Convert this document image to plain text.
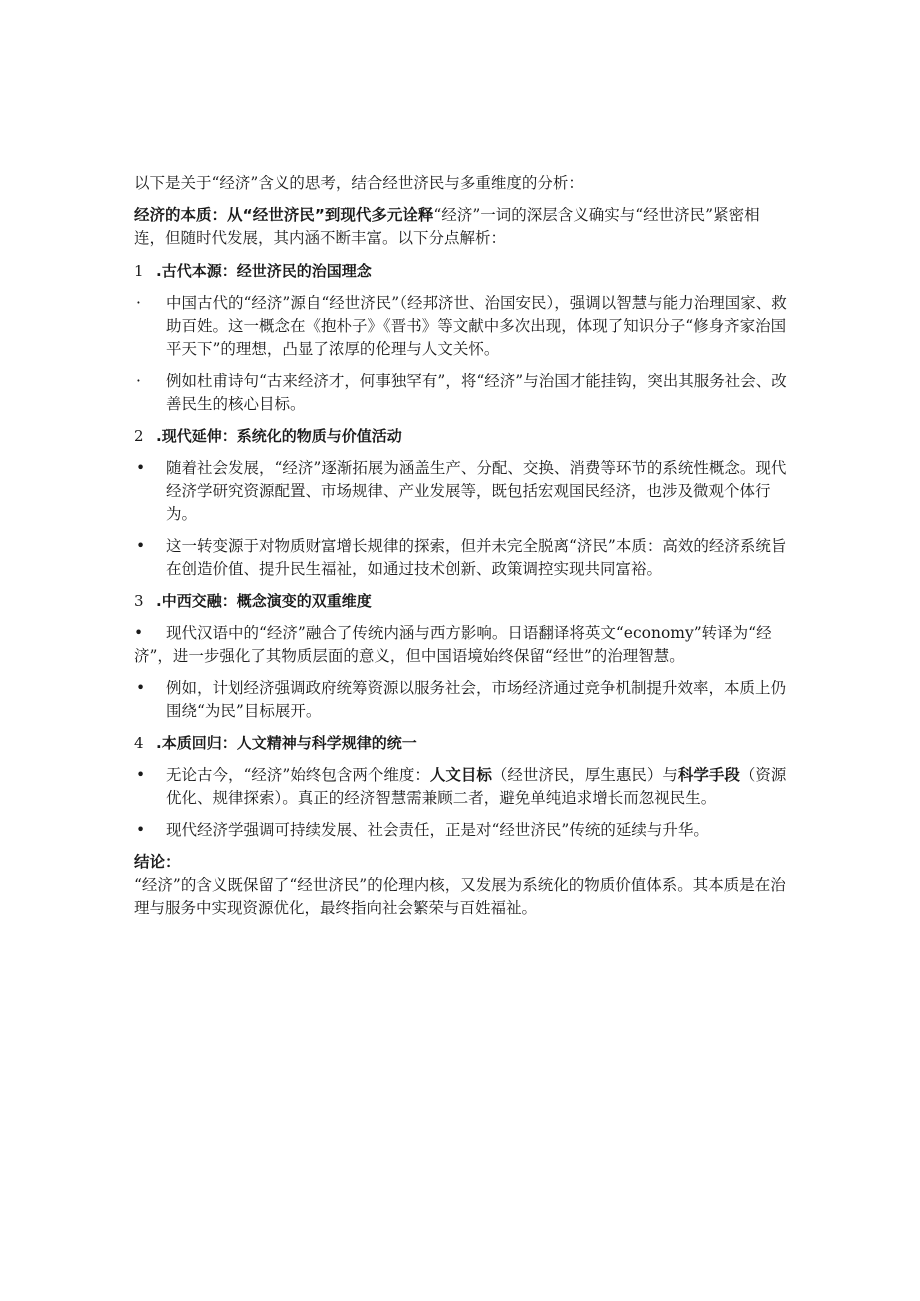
以下是关于“经济”含义的思考，结合经世济民与多重维度的分析：

经济的本质：从“经世济民”到现代多元诠释“经济”一词的深层含义确实与“经世济民”紧密相连，但随时代发展，其内涵不断丰富。以下分点解析：

1 .古代本源：经世济民的治国理念
· 中国古代的“经济”源自“经世济民”（经邦济世、治国安民），强调以智慧与能力治理国家、救助百姓。这一概念在《抱朴子》《晋书》等文献中多次出现，体现了知识分子“修身齐家治国平天下”的理想，凸显了浓厚的伦理与人文关怀。
· 例如杜甫诗句“古来经济才，何事独罕有”，将“经济”与治国才能挂钩，突出其服务社会、改善民生的核心目标。
2 .现代延伸：系统化的物质与价值活动
• 随着社会发展，“经济”逐渐拓展为涵盖生产、分配、交换、消费等环节的系统性概念。现代经济学研究资源配置、市场规律、产业发展等，既包括宏观国民经济，也涉及微观个体行为。
• 这一转变源于对物质财富增长规律的探索，但并未完全脱离“济民”本质：高效的经济系统旨在创造价值、提升民生福祉，如通过技术创新、政策调控实现共同富裕。
3 .中西交融：概念演变的双重维度
• 现代汉语中的“经济”融合了传统内涵与西方影响。日语翻译将英文“economy”转译为“经济”，进一步强化了其物质层面的意义，但中国语境始终保留“经世”的治理智慧。
• 例如，计划经济强调政府统筹资源以服务社会，市场经济通过竞争机制提升效率，本质上仍围绕“为民”目标展开。
4 .本质回归：人文精神与科学规律的统一
• 无论古今，“经济”始终包含两个维度：人文目标（经世济民，厚生惠民）与科学手段（资源优化、规律探索）。真正的经济智慧需兼顾二者，避免单纯追求增长而忽视民生。
• 现代经济学强调可持续发展、社会责任，正是对“经世济民”传统的延续与升华。
结论：

“经济”的含义既保留了“经世济民”的伦理内核，又发展为系统化的物质价值体系。其本质是在治理与服务中实现资源优化，最终指向社会繁荣与百姓福祉。
